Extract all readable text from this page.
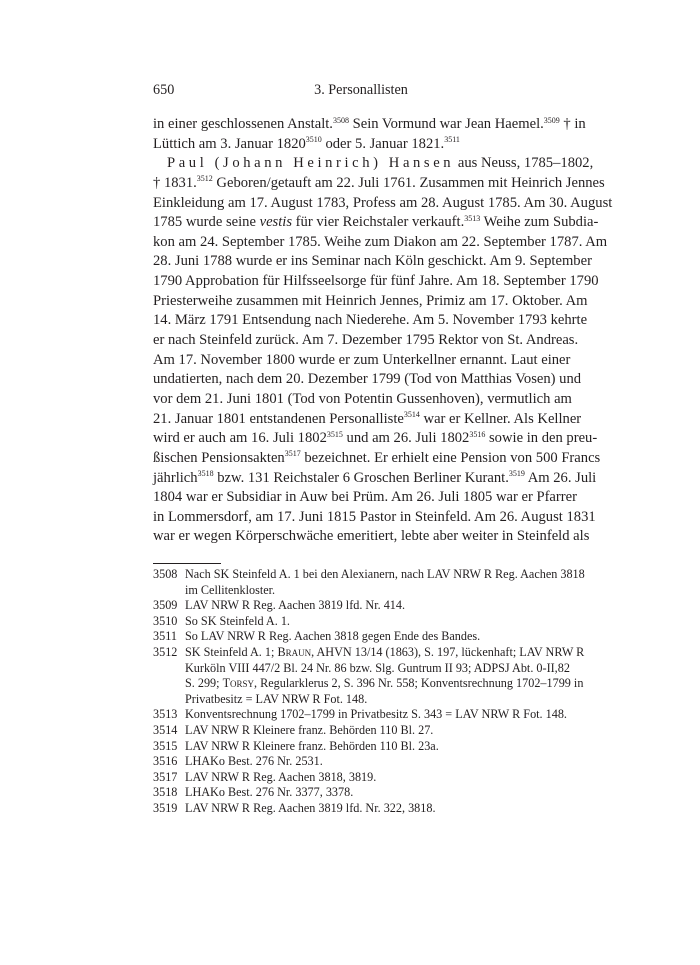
650	3. Personallisten
in einer geschlossenen Anstalt.$^{3508}$ Sein Vormund war Jean Haemel.$^{3509}$ † in
Lüttich am 3. Januar $1820^{3510}$ oder 5. Januar 1821.$^{3511}$
Paul (Johann Heinrich) Hansen aus Neuss, 1785–1802,
† 1831.$^{3512}$ Geboren/getauft am 22. Juli 1761. Zusammen mit Heinrich Jennes
Einkleidung am 17. August 1783, Profess am 28. August 1785. Am 30. August
1785 wurde seine vestis für vier Reichstaler verkauft.$^{3513}$ Weihe zum Subdia-
kon am 24. September 1785. Weihe zum Diakon am 22. September 1787. Am
28. Juni 1788 wurde er ins Seminar nach Köln geschickt. Am 9. September
1790 Approbation für Hilfsseelsorge für fünf Jahre. Am 18. September 1790
Priesterweihe zusammen mit Heinrich Jennes, Primiz am 17. Oktober. Am
14. März 1791 Entsendung nach Niederehe. Am 5. November 1793 kehrte
er nach Steinfeld zurück. Am 7. Dezember 1795 Rektor von St. Andreas.
Am 17. November 1800 wurde er zum Unterkellner ernannt. Laut einer
undatierten, nach dem 20. Dezember 1799 (Tod von Matthias Vosen) und
vor dem 21. Juni 1801 (Tod von Potentin Gussenhoven), vermutlich am
21. Januar 1801 entstandenen Personalliste$^{3514}$ war er Kellner. Als Kellner
wird er auch am 16. Juli $1802^{3515}$ und am 26. Juli $1802^{3516}$ sowie in den preu-
ßischen Pensionsakten$^{3517}$ bezeichnet. Er erhielt eine Pension von 500 Francs
jährlich$^{3518}$ bzw. 131 Reichstaler 6 Groschen Berliner Kurant.$^{3519}$ Am 26. Juli
1804 war er Subsidiar in Auw bei Prüm. Am 26. Juli 1805 war er Pfarrer
in Lommersdorf, am 17. Juni 1815 Pastor in Steinfeld. Am 26. August 1831
war er wegen Körperschwäche emeritiert, lebte aber weiter in Steinfeld als
3508 Nach SK Steinfeld A. 1 bei den Alexianern, nach LAV NRW R Reg. Aachen 3818
im Cellitenkloster.
3509 LAV NRW R Reg. Aachen 3819 lfd. Nr. 414.
3510 So SK Steinfeld A. 1.
3511 So LAV NRW R Reg. Aachen 3818 gegen Ende des Bandes.
3512 SK Steinfeld A. 1; Braun, AHVN 13/14 (1863), S. 197, lückenhaft; LAV NRW R
Kurköln VIII 447/2 Bl. 24 Nr. 86 bzw. Slg. Guntrum II 93; ADPSJ Abt. 0-II,82
S. 299; Torsy, Regularklerus 2, S. 396 Nr. 558; Konventsrechnung 1702–1799 in
Privatbesitz = LAV NRW R Fot. 148.
3513 Konventsrechnung 1702–1799 in Privatbesitz S. 343 = LAV NRW R Fot. 148.
3514 LAV NRW R Kleinere franz. Behörden 110 Bl. 27.
3515 LAV NRW R Kleinere franz. Behörden 110 Bl. 23a.
3516 LHAKo Best. 276 Nr. 2531.
3517 LAV NRW R Reg. Aachen 3818, 3819.
3518 LHAKo Best. 276 Nr. 3377, 3378.
3519 LAV NRW R Reg. Aachen 3819 lfd. Nr. 322, 3818.
